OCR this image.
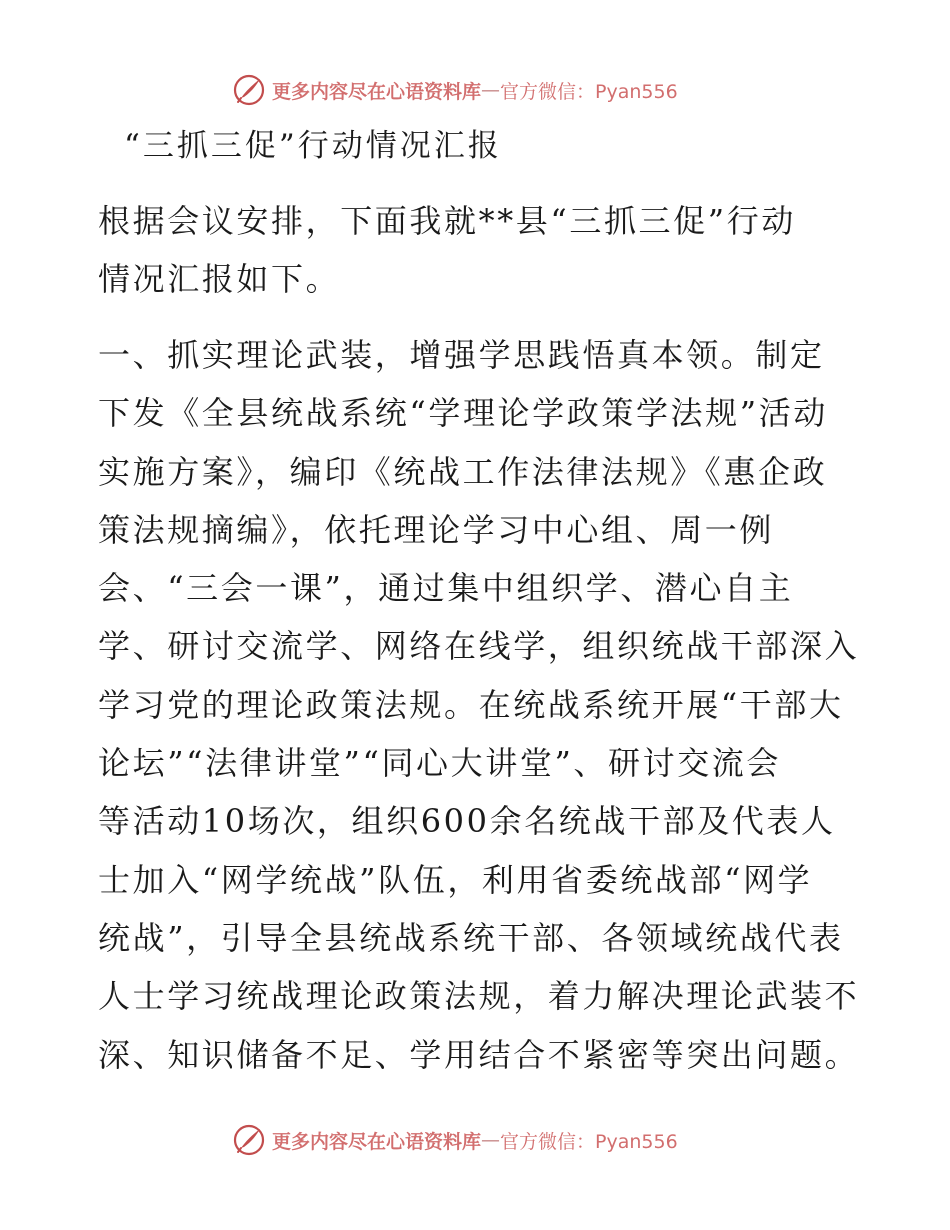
更多内容尽在心语资料库 — 官方微信：Pyan556
“三抓三促”行动情况汇报

根据会议安排，下面我就**县“三抓三促”行动
情况汇报如下。

一、抓实理论武装，增强学思践悟真本领。制定
下发《全县统战系统“学理论学政策学法规”活动
实施方案》，编印《统战工作法律法规》《惠企政
策法规摘编》，依托理论学习中心组、周一例
会、“三会一课”，通过集中组织学、潜心自主
学、研讨交流学、网络在线学，组织统战干部深入
学习党的理论政策法规。在统战系统开展“干部大
论坛”“法律讲堂”“同心大讲堂”、研讨交流会
等活动10场次，组织600余名统战干部及代表人
士加入“网学统战”队伍，利用省委统战部“网学
统战”，引导全县统战系统干部、各领域统战代表
人士学习统战理论政策法规，着力解决理论武装不
深、知识储备不足、学用结合不紧密等突出问题。

更多内容尽在心语资料库 — 官方微信：Pyan556
